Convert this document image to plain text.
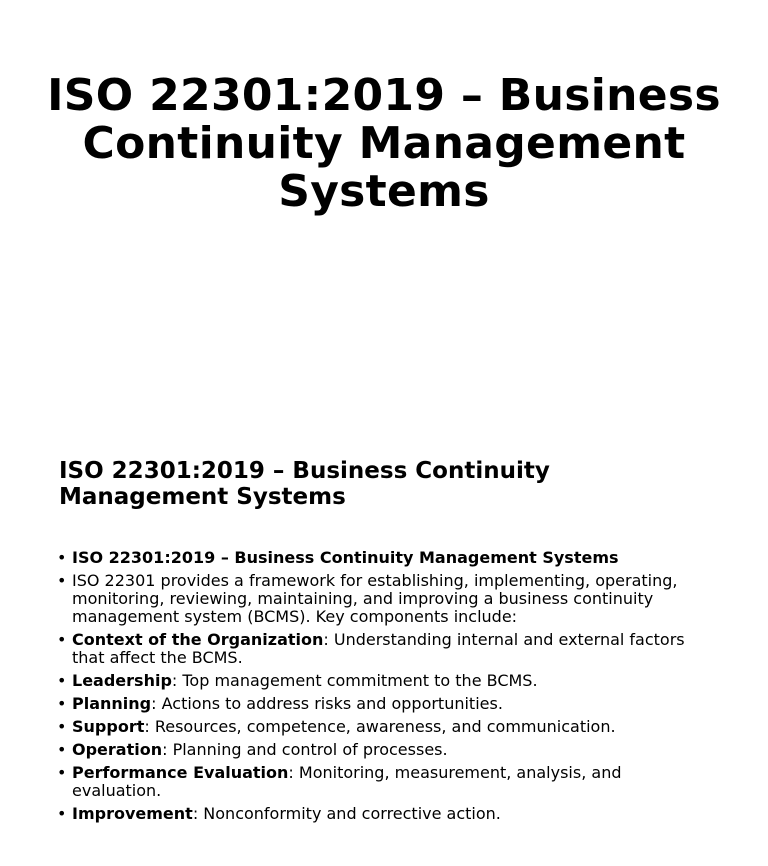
ISO 22301:2019 – Business Continuity Management Systems
ISO 22301:2019 – Business Continuity Management Systems
• ISO 22301:2019 – Business Continuity Management Systems
• ISO 22301 provides a framework for establishing, implementing, operating, monitoring, reviewing, maintaining, and improving a business continuity management system (BCMS). Key components include:
• Context of the Organization: Understanding internal and external factors that affect the BCMS.
• Leadership: Top management commitment to the BCMS.
• Planning: Actions to address risks and opportunities.
• Support: Resources, competence, awareness, and communication.
• Operation: Planning and control of processes.
• Performance Evaluation: Monitoring, measurement, analysis, and evaluation.
• Improvement: Nonconformity and corrective action.
